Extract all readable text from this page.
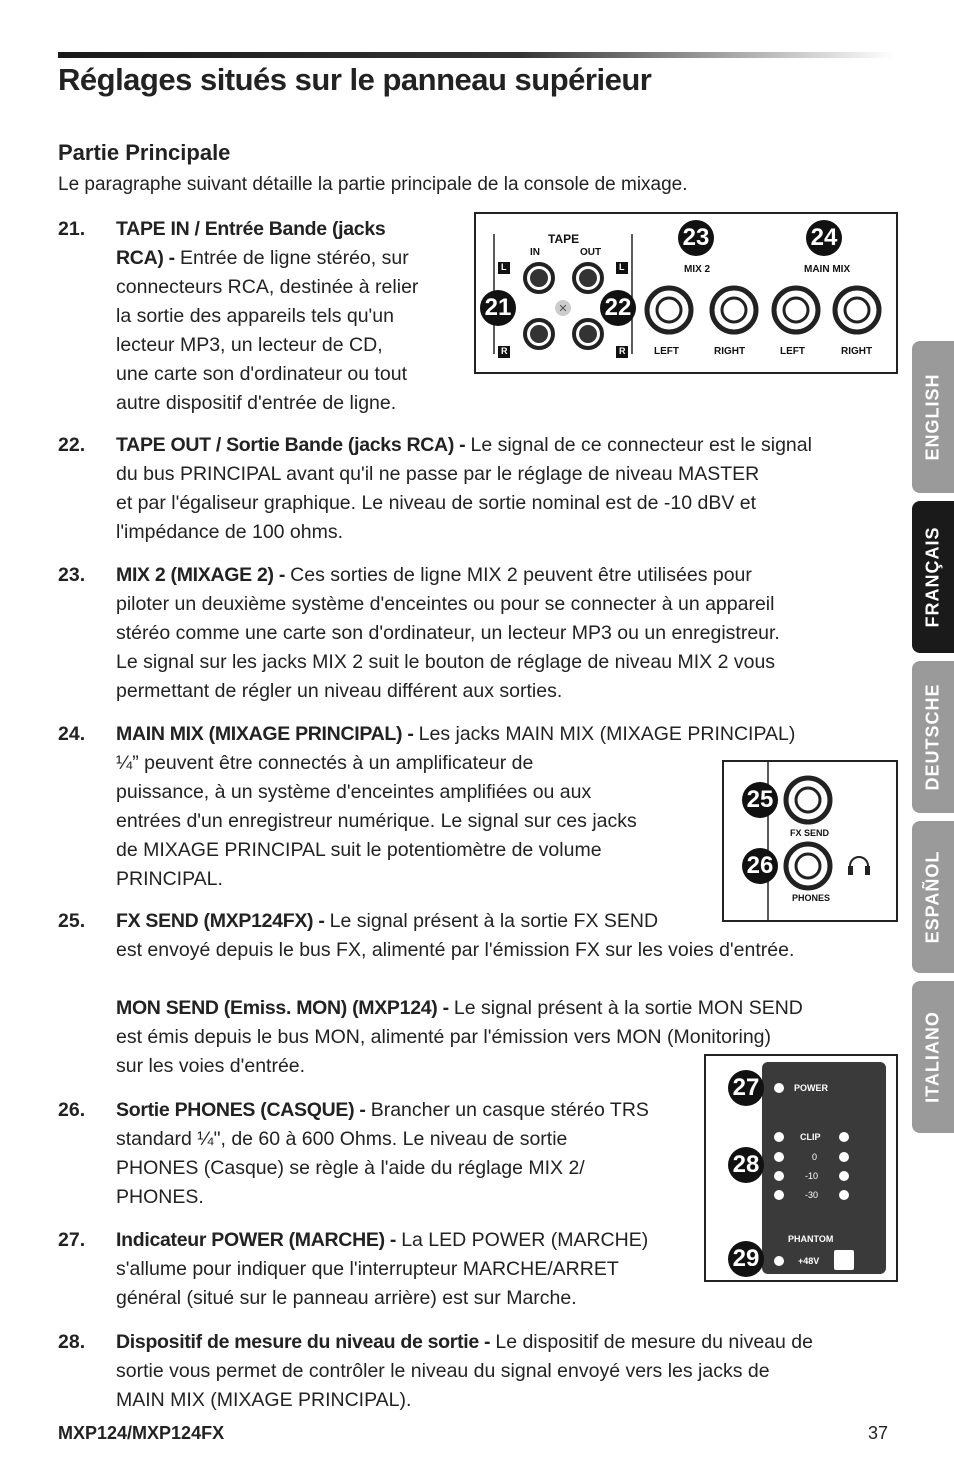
Réglages situés sur le panneau supérieur
Partie Principale
Le paragraphe suivant détaille la partie principale de la console de mixage.
21.	TAPE IN / Entrée Bande (jacks
RCA) - Entrée de ligne stéréo, sur
connecteurs RCA, destinée à relier
la sortie des appareils tels qu'un
lecteur MP3, un lecteur de CD,
une carte son d'ordinateur ou tout
autre dispositif d'entrée de ligne.
22.	TAPE OUT / Sortie Bande (jacks RCA) - Le signal de ce connecteur est le signal
du bus PRINCIPAL avant qu'il ne passe par le réglage de niveau MASTER
et par l'égaliseur graphique. Le niveau de sortie nominal est de -10 dBV et
l'impédance de 100 ohms.
23.	MIX 2 (MIXAGE 2) - Ces sorties de ligne MIX 2 peuvent être utilisées pour
piloter un deuxième système d'enceintes ou pour se connecter à un appareil
stéréo comme une carte son d'ordinateur, un lecteur MP3 ou un enregistreur.
Le signal sur les jacks MIX 2 suit le bouton de réglage de niveau MIX 2 vous
permettant de régler un niveau différent aux sorties.
24.	MAIN MIX (MIXAGE PRINCIPAL) - Les jacks MAIN MIX (MIXAGE PRINCIPAL)
¼” peuvent être connectés à un amplificateur de
puissance, à un système d'enceintes amplifiées ou aux
entrées d'un enregistreur numérique. Le signal sur ces jacks
de MIXAGE PRINCIPAL suit le potentiomètre de volume
PRINCIPAL.
25.	FX SEND (MXP124FX) - Le signal présent à la sortie FX SEND
est envoyé depuis le bus FX, alimenté par l'émission FX sur les voies d'entrée.
MON SEND (Emiss. MON) (MXP124) - Le signal présent à la sortie MON SEND
est émis depuis le bus MON, alimenté par l'émission vers MON (Monitoring)
sur les voies d'entrée.
26.	Sortie PHONES (CASQUE) - Brancher un casque stéréo TRS
standard ¼", de 60 à 600 Ohms. Le niveau de sortie
PHONES (Casque) se règle à l'aide du réglage MIX 2/
PHONES.
27.	Indicateur POWER (MARCHE) - La LED POWER (MARCHE)
s'allume pour indiquer que l'interrupteur MARCHE/ARRET
général (situé sur le panneau arrière) est sur Marche.
28.	Dispositif de mesure du niveau de sortie - Le dispositif de mesure du niveau de
sortie vous permet de contrôler le niveau du signal envoyé vers les jacks de
MAIN MIX (MIXAGE PRINCIPAL).
✕
TAPE
IN	OUT
L	L
R	R
MIX 2	MAIN MIX
LEFT	RIGHT	LEFT	RIGHT
21	22
23	24
FX SEND
PHONES
25
26
POWER
CLIP
0
-10
-30
PHANTOM
+48V
27
28
29
ENGLISH
FRANÇAIS
DEUTSCHE
ESPAÑOL
ITALIANO
MXP124/MXP124FX	37
